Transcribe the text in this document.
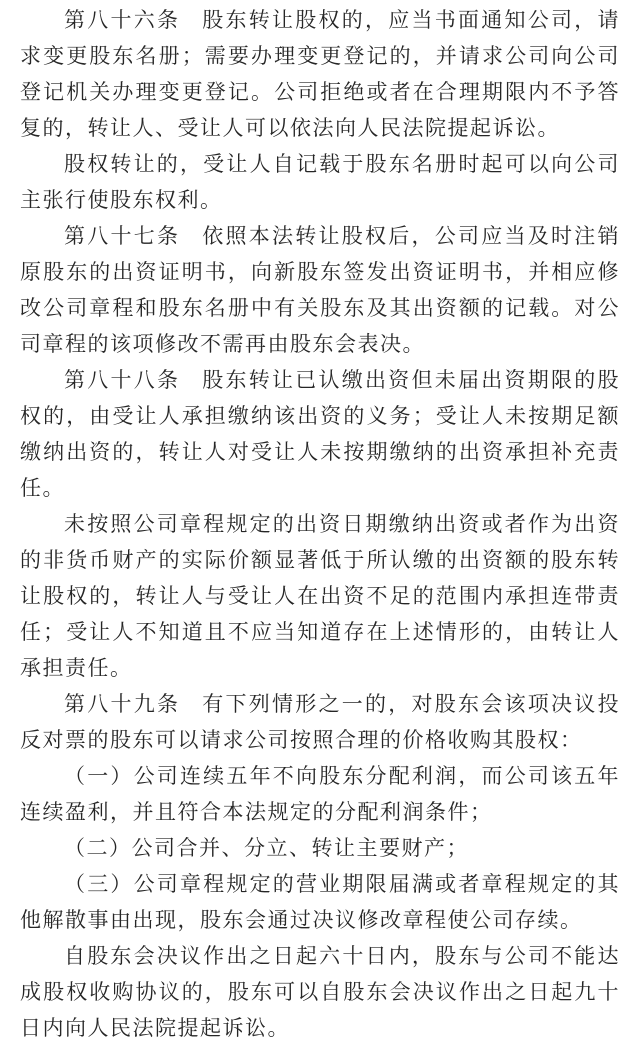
第八十六条 股东转让股权的，应当书面通知公司，请求变更股东名册；需要办理变更登记的，并请求公司向公司登记机关办理变更登记。公司拒绝或者在合理期限内不予答复的，转让人、受让人可以依法向人民法院提起诉讼。

股权转让的，受让人自记载于股东名册时起可以向公司主张行使股东权利。

第八十七条 依照本法转让股权后，公司应当及时注销原股东的出资证明书，向新股东签发出资证明书，并相应修改公司章程和股东名册中有关股东及其出资额的记载。对公司章程的该项修改不需再由股东会表决。

第八十八条 股东转让已认缴出资但未届出资期限的股权的，由受让人承担缴纳该出资的义务；受让人未按期足额缴纳出资的，转让人对受让人未按期缴纳的出资承担补充责任。

未按照公司章程规定的出资日期缴纳出资或者作为出资的非货币财产的实际价额显著低于所认缴的出资额的股东转让股权的，转让人与受让人在出资不足的范围内承担连带责任；受让人不知道且不应当知道存在上述情形的，由转让人承担责任。

第八十九条 有下列情形之一的，对股东会该项决议投反对票的股东可以请求公司按照合理的价格收购其股权：

（一）公司连续五年不向股东分配利润，而公司该五年连续盈利，并且符合本法规定的分配利润条件；

（二）公司合并、分立、转让主要财产；

（三）公司章程规定的营业期限届满或者章程规定的其他解散事由出现，股东会通过决议修改章程使公司存续。

自股东会决议作出之日起六十日内，股东与公司不能达成股权收购协议的，股东可以自股东会决议作出之日起九十日内向人民法院提起诉讼。
